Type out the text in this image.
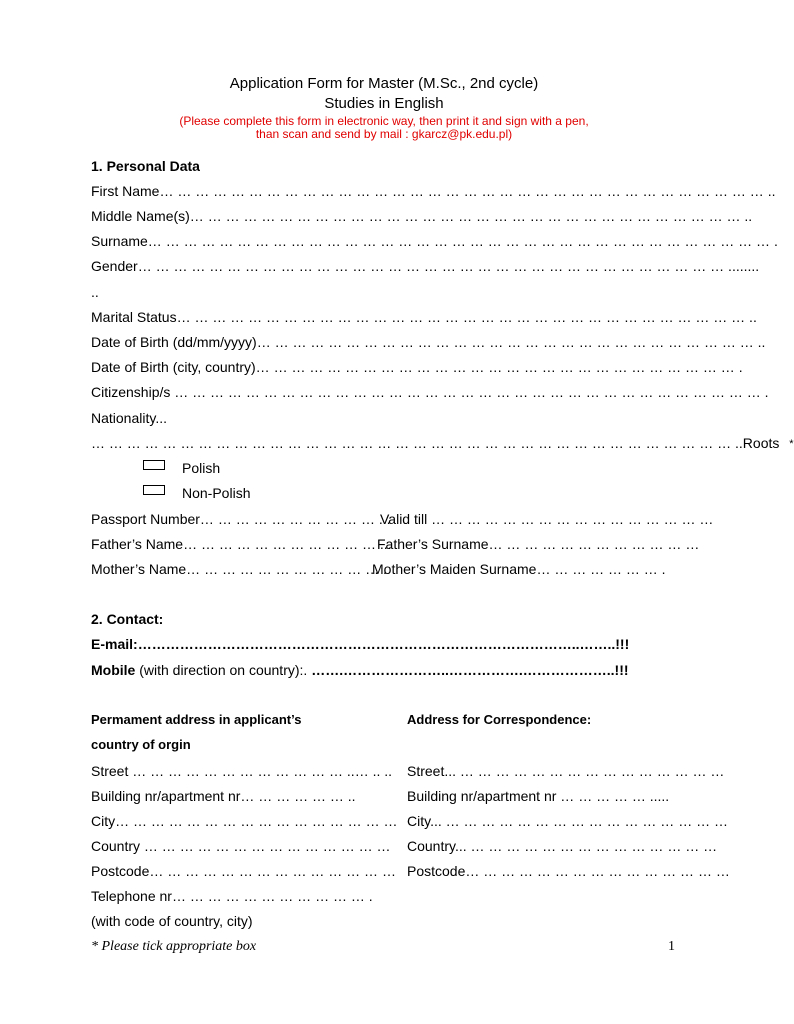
Application Form for Master (M.Sc., 2nd cycle)
Studies in English
(Please complete this form in electronic way, then print it and sign with a pen,
than scan and send by mail : gkarcz@pk.edu.pl)
1. Personal Data
First Name… … … … … … … … … … … … … … … … … … … … … … … … … … … … … … … … … … ..
Middle Name(s)… … … … … … … … … … … … … … … … … … … … … … … … … … … … … … … ..
Surname… … … … … … … … … … … … … … … … … … … … … … … … … … … … … … … … … … … .
Gender… … … … … … … … … … … … … … … … … … … … … … … … … … … … … … … … … ........
..
Marital Status… … … … … … … … … … … … … … … … … … … … … … … … … … … … … … … … ..
Date of Birth (dd/mm/yyyy)… … … … … … … … … … … … … … … … … … … … … … … … … … … … ..
Date of Birth (city, country)… … … … … … … … … … … … … … … … … … … … … … … … … … … .
Citizenship/s … … … … … … … … … … … … … … … … … … … … … … … … … … … … … … … … … .
Nationality...
… … … … … … … … … … … … … … … … … … … … … … … … … … … … … … … … … … … … ..Roots *
Polish
Non-Polish
Passport Number… … … … … … … … … … ...
Valid till … … … … … … … … … … … … … … … …
Father’s Name… … … … … … … … … … … ...
Father’s Surname… … … … … … … … … … … …
Mother’s Name… … … … … … … … … … … .
Mother’s Maiden Surname… … … … … … … .
2. Contact:
E-mail:…………………………………………………………………………………..……..!!!
Mobile (with direction on country):. …….…………………..…………….………………..!!!
Permament address in applicant’s
country of orgin
Address for Correspondence:
Street … … … … … … … … … … … … ..… .. ..
Building nr/apartment nr… … … … … … ..
City… … … … … … … … … … … … … … … …
Country … … … … … … … … … … … … … …
Postcode… … … … … … … … … … … … … …
Telephone nr… … … … … … … … … … … .
(with code of country, city)
Street... … … … … … … … … … … … … … … …
Building nr/apartment nr … … … … … .....
City... … … … … … … … … … … … … … … … …
Country... … … … … … … … … … … … … … …
Postcode… … … … … … … … … … … … … … …
* Please tick appropriate box	1
